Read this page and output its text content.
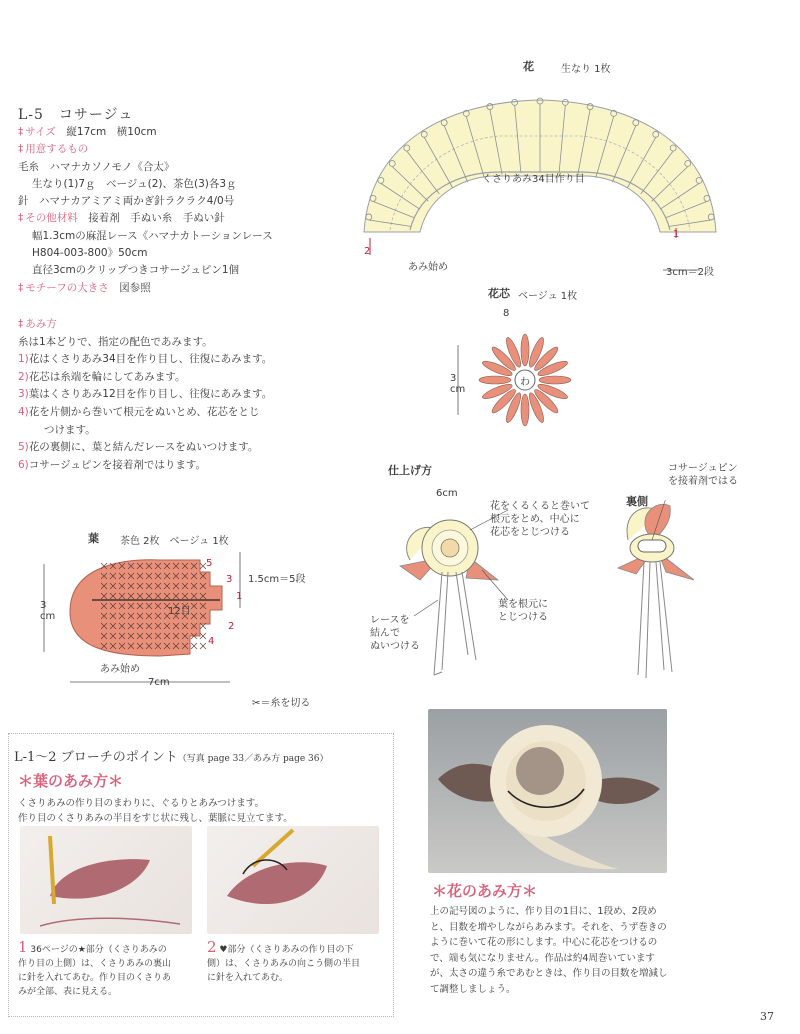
L-5　コサージュ
‡ サイズ　 縦17cm　横10cm
‡ 用意するもの
毛糸　ハマナカソノモノ《合太》
生なり(1)7ｇ　ベージュ(2)、茶色(3)各3ｇ
針　ハマナカアミアミ両かぎ針ラクラク4/0号
‡ その他材料　 接着剤　手ぬい糸　手ぬい針
幅1.3cmの麻混レース《ハマナカトーションレース
H804-003-800》50cm
直径3cmのクリップつきコサージュピン1個
‡ モチーフの大きさ　 図参照
‡ あみ方
糸は1本どりで、指定の配色であみます。
1)花はくさりあみ34目を作り目し、往復にあみます。
2)花芯は糸端を輪にしてあみます。
3)葉はくさりあみ12目を作り目し、往復にあみます。
4)花を片側から巻いて根元をぬいとめ、花芯をとじ
つけます。
5)花の裏側に、葉と結んだレースをぬいつけます。
6)コサージュピンを接着剤ではります。
花	生なり 1枚
2
1
くさりあみ34目作り目
あみ始め	3cm＝2段
花芯 ベージュ 1枚
わ
8
3
cm
仕上げ方
6cm
花をくるくると巻いて
根元をとめ、中心に
花芯をとじつける
レースを
結んで
ぬいつける
葉を根元に
とじつける
裏側
コサージュピン
を接着剤ではる
葉 茶色 2枚　ベージュ 1枚
5
3
1
2
4
1.5cm＝5段
12目
3
cm
あみ始め
7cm
✂＝糸を切る
L-1～2 ブローチのポイント（写真 page 33／あみ方 page 36）
＊葉のあみ方＊
くさりあみの作り目のまわりに、ぐるりとあみつけます。
作り目のくさりあみの半目をすじ状に残し、葉脈に見立てます。
1 36ページの★部分（くさりあみの
作り目の上側）は、くさりあみの裏山
に針を入れてあむ。作り目のくさりあ
みが全部、表に見える。
2 ♥部分（くさりあみの作り目の下
側）は、くさりあみの向こう側の半目
に針を入れてあむ。
＊花のあみ方＊
上の記号図のように、作り目の1目に、1段め、2段めと、目数を増やしながらあみます。それを、うず巻きのように巻いて花の形にします。中心に花芯をつけるので、端も気になりません。作品は約4周巻いていますが、太さの違う糸であむときは、作り目の目数を増減して調整しましょう。
37
